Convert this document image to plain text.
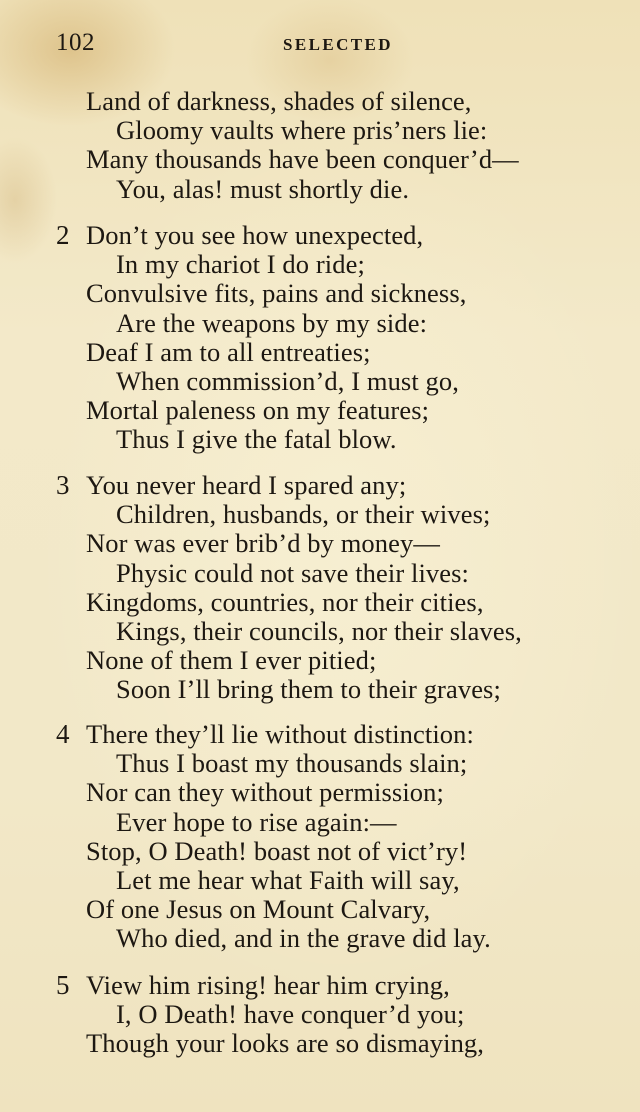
102	SELECTED
Land of darkness, shades of silence,
Gloomy vaults where pris’ners lie:
Many thousands have been conquer’d—
You, alas! must shortly die.
2 Don’t you see how unexpected,
In my chariot I do ride;
Convulsive fits, pains and sickness,
Are the weapons by my side:
Deaf I am to all entreaties;
When commission’d, I must go,
Mortal paleness on my features;
Thus I give the fatal blow.
3 You never heard I spared any;
Children, husbands, or their wives;
Nor was ever brib’d by money—
Physic could not save their lives:
Kingdoms, countries, nor their cities,
Kings, their councils, nor their slaves,
None of them I ever pitied;
Soon I’ll bring them to their graves;
4 There they’ll lie without distinction:
Thus I boast my thousands slain;
Nor can they without permission;
Ever hope to rise again:—
Stop, O Death! boast not of vict’ry!
Let me hear what Faith will say,
Of one Jesus on Mount Calvary,
Who died, and in the grave did lay.
5 View him rising! hear him crying,
I, O Death! have conquer’d you;
Though your looks are so dismaying,
